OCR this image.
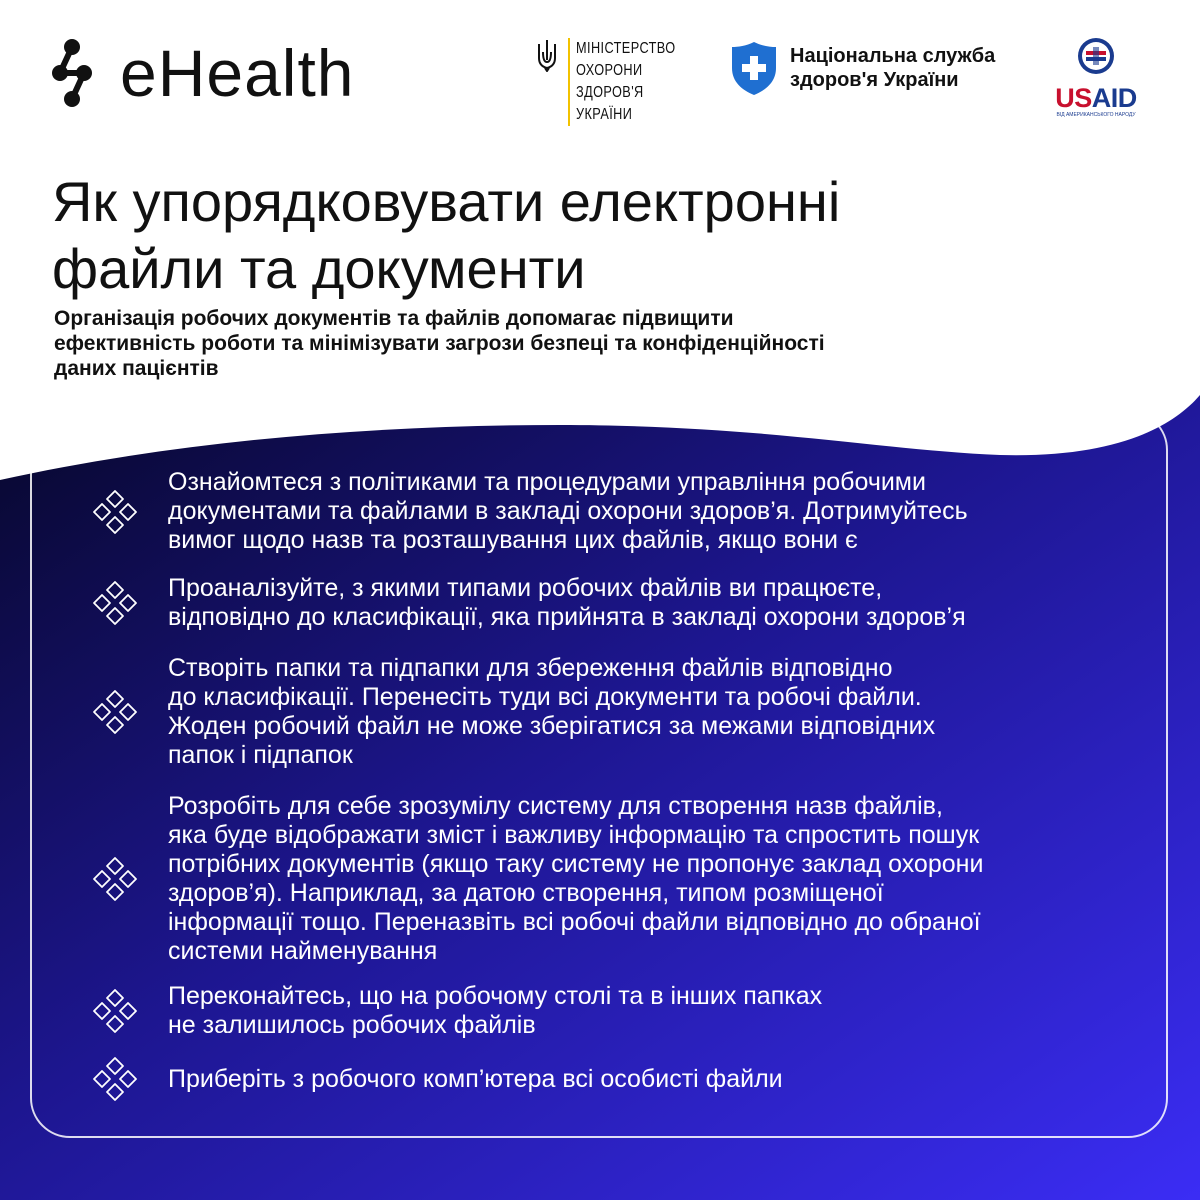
eHealth	МІНІСТЕРСТВО
ОХОРОНИ
ЗДОРОВ'Я
УКРАЇНИ
Національна служба
здоров'я України
USAID
ВІД АМЕРИКАНСЬКОГО НАРОДУ
Як упорядковувати електронні
файли та документи

Організація робочих документів та файлів допомагає підвищити
ефективність роботи та мінімізувати загрози безпеці та конфіденційності
даних пацієнтів

Ознайомтеся з політиками та процедурами управління робочими
документами та файлами в закладі охорони здоров’я. Дотримуйтесь
вимог щодо назв та розташування цих файлів, якщо вони є
Проаналізуйте, з якими типами робочих файлів ви працюєте,
відповідно до класифікації, яка прийнята в закладі охорони здоров’я
Створіть папки та підпапки для збереження файлів відповідно
до класифікації. Перенесіть туди всі документи та робочі файли.
Жоден робочий файл не може зберігатися за межами відповідних
папок і підпапок
Розробіть для себе зрозумілу систему для створення назв файлів,
яка буде відображати зміст і важливу інформацію та спростить пошук
потрібних документів (якщо таку систему не пропонує заклад охорони
здоров’я). Наприклад, за датою створення, типом розміщеної
інформації тощо. Переназвіть всі робочі файли відповідно до обраної
системи найменування
Переконайтесь, що на робочому столі та в інших папках
не залишилось робочих файлів
Приберіть з робочого комп’ютера всі особисті файли
